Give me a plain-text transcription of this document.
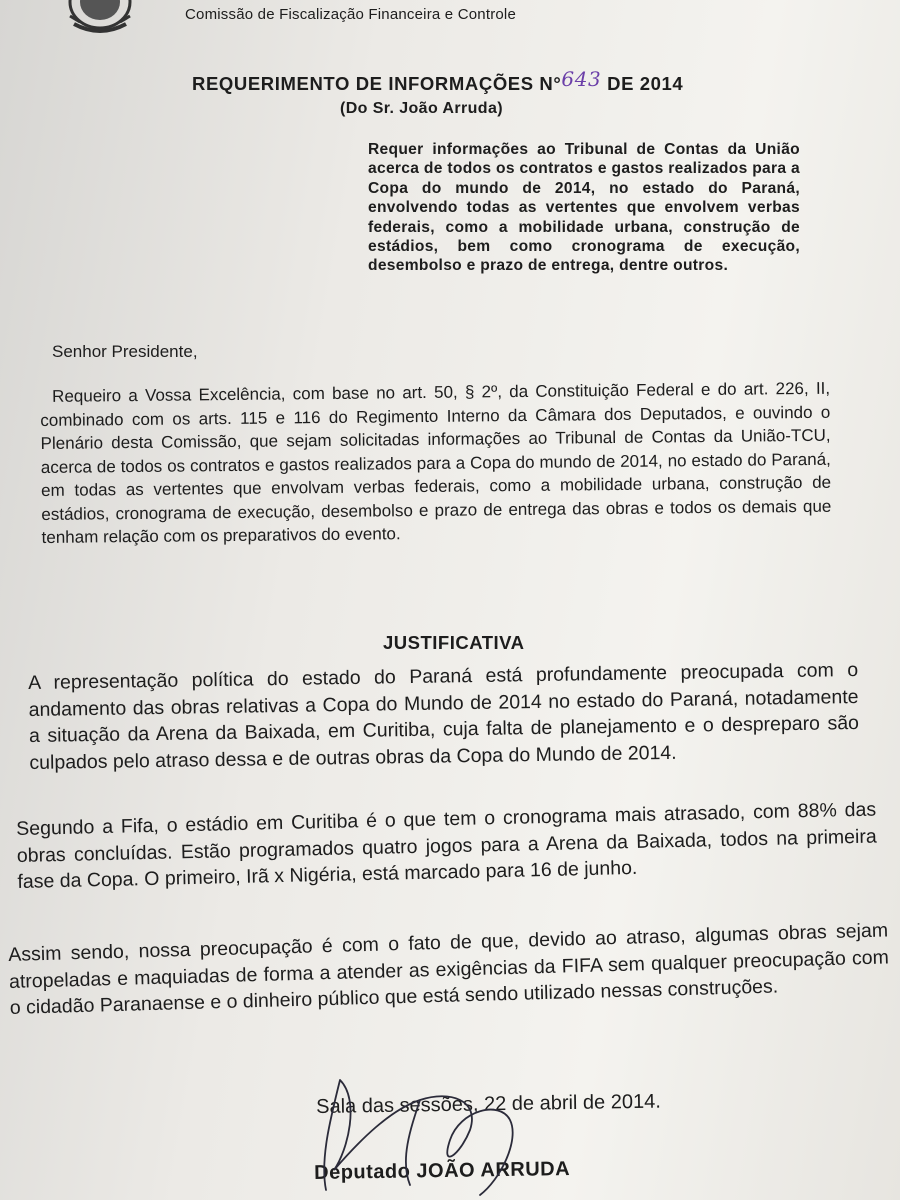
Comissão de Fiscalização Financeira e Controle
REQUERIMENTO DE INFORMAÇÕES N°643 DE 2014
(Do Sr. João Arruda)
Requer informações ao Tribunal de Contas da União acerca de todos os contratos e gastos realizados para a Copa do mundo de 2014, no estado do Paraná, envolvendo todas as vertentes que envolvem verbas federais, como a mobilidade urbana, construção de estádios, bem como cronograma de execução, desembolso e prazo de entrega, dentre outros.
Senhor Presidente,
Requeiro a Vossa Excelência, com base no art. 50, § 2º, da Constituição Federal e do art. 226, II, combinado com os arts. 115 e 116 do Regimento Interno da Câmara dos Deputados, e ouvindo o Plenário desta Comissão, que sejam solicitadas informações ao Tribunal de Contas da União-TCU, acerca de todos os contratos e gastos realizados para a Copa do mundo de 2014, no estado do Paraná, em todas as vertentes que envolvam verbas federais, como a mobilidade urbana, construção de estádios, cronograma de execução, desembolso e prazo de entrega das obras e todos os demais que tenham relação com os preparativos do evento.
JUSTIFICATIVA
A representação política do estado do Paraná está profundamente preocupada com o andamento das obras relativas a Copa do Mundo de 2014 no estado do Paraná, notadamente a situação da Arena da Baixada, em Curitiba, cuja falta de planejamento e o despreparo são culpados pelo atraso dessa e de outras obras da Copa do Mundo de 2014.
Segundo a Fifa, o estádio em Curitiba é o que tem o cronograma mais atrasado, com 88% das obras concluídas. Estão programados quatro jogos para a Arena da Baixada, todos na primeira fase da Copa. O primeiro, Irã x Nigéria, está marcado para 16 de junho.
Assim sendo, nossa preocupação é com o fato de que, devido ao atraso, algumas obras sejam atropeladas e maquiadas de forma a atender as exigências da FIFA sem qualquer preocupação com o cidadão Paranaense e o dinheiro público que está sendo utilizado nessas construções.
Sala das sessões, 22 de abril de 2014.
Deputado JOÃO ARRUDA
